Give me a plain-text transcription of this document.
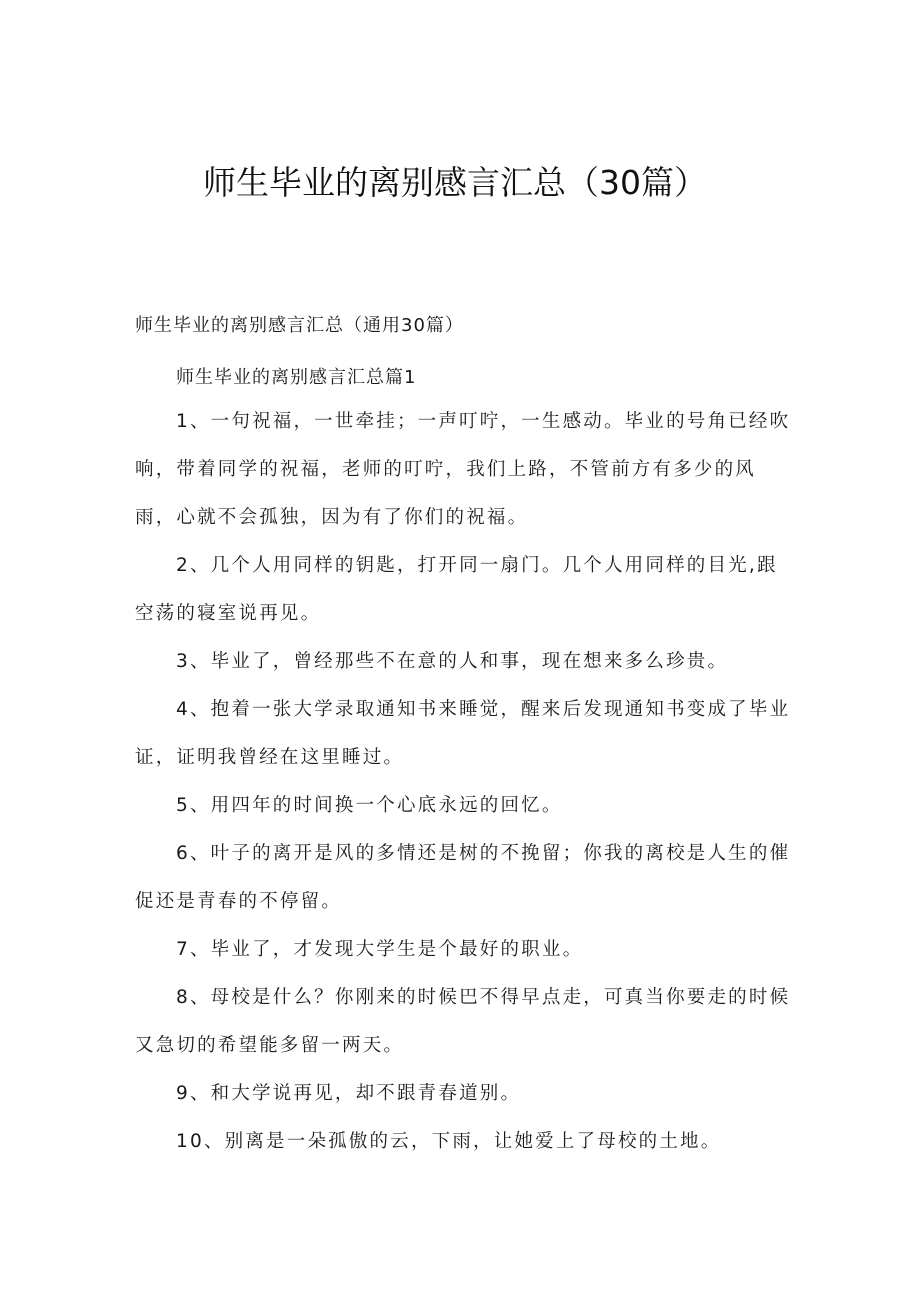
师生毕业的离别感言汇总（30篇）
师生毕业的离别感言汇总（通用30篇）
师生毕业的离别感言汇总篇1

1、一句祝福，一世牵挂；一声叮咛，一生感动。毕业的号角已经吹响，带着同学的祝福，老师的叮咛，我们上路，不管前方有多少的风雨，心就不会孤独，因为有了你们的祝福。

2、几个人用同样的钥匙，打开同一扇门。几个人用同样的目光,跟空荡的寝室说再见。

3、毕业了，曾经那些不在意的人和事，现在想来多么珍贵。

4、抱着一张大学录取通知书来睡觉，醒来后发现通知书变成了毕业证，证明我曾经在这里睡过。

5、用四年的时间换一个心底永远的回忆。

6、叶子的离开是风的多情还是树的不挽留；你我的离校是人生的催促还是青春的不停留。

7、毕业了，才发现大学生是个最好的职业。

8、母校是什么？你刚来的时候巴不得早点走，可真当你要走的时候又急切的希望能多留一两天。

9、和大学说再见，却不跟青春道别。

10、别离是一朵孤傲的云，下雨，让她爱上了母校的土地。
